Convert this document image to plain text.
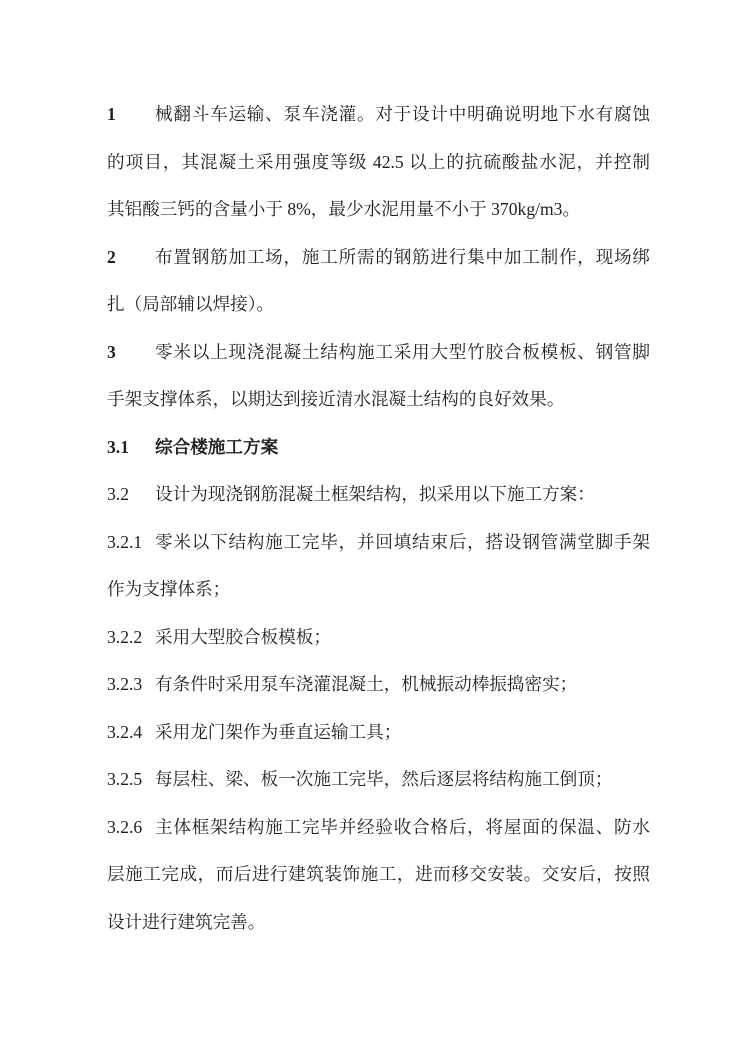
1 械翻斗车运输、泵车浇灌。对于设计中明确说明地下水有腐蚀
的项目，其混凝土采用强度等级 42.5 以上的抗硫酸盐水泥，并控制
其铝酸三钙的含量小于 8%，最少水泥用量不小于 370kg/m3。
2 布置钢筋加工场，施工所需的钢筋进行集中加工制作，现场绑
扎（局部辅以焊接）。
3 零米以上现浇混凝土结构施工采用大型竹胶合板模板、钢管脚
手架支撑体系，以期达到接近清水混凝土结构的良好效果。
3.1 综合楼施工方案
3.2 设计为现浇钢筋混凝土框架结构，拟采用以下施工方案：
3.2.1 零米以下结构施工完毕，并回填结束后，搭设钢管满堂脚手架
作为支撑体系；
3.2.2 采用大型胶合板模板；
3.2.3 有条件时采用泵车浇灌混凝土，机械振动棒振捣密实；
3.2.4 采用龙门架作为垂直运输工具；
3.2.5 每层柱、梁、板一次施工完毕，然后逐层将结构施工倒顶；
3.2.6 主体框架结构施工完毕并经验收合格后，将屋面的保温、防水
层施工完成，而后进行建筑装饰施工，进而移交安装。交安后，按照
设计进行建筑完善。
